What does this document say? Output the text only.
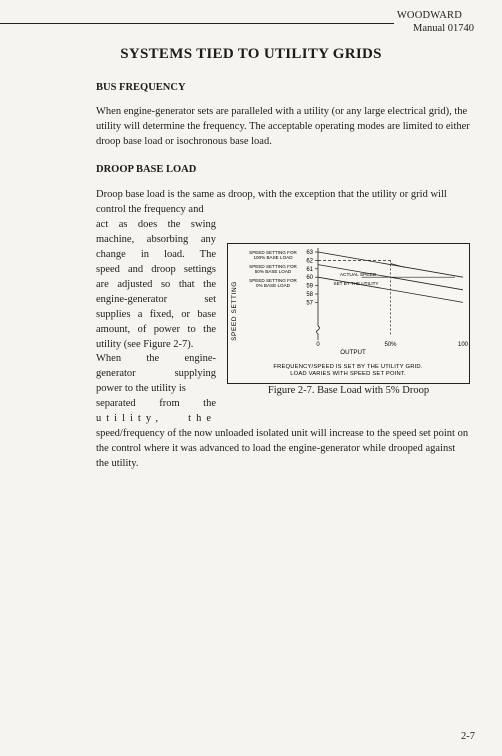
WOODWARD
Manual 01740
SYSTEMS TIED TO UTILITY GRIDS
BUS FREQUENCY

When engine-generator sets are paralleled with a utility (or any large electrical grid), the utility will determine the frequency. The acceptable operating modes are limited to either droop base load or isochronous base load.

DROOP BASE LOAD

Droop base load is the same as droop, with the exception that the utility or grid will control the frequency and

act as does the swing
machine, absorbing any
change in load. The
speed and droop settings
are adjusted so that the
engine-generator set
supplies a fixed, or base
amount, of power to the
utility (see Figure 2-7).
When the engine-
generator supplying
power to the utility is
separated from the
utility, the

speed/frequency of the now unloaded isolated unit will increase to the speed set point on the control where it was advanced to load the engine-generator while drooped against the utility.

SPEED SETTING FOR
100% BASE LOAD
SPEED SETTING FOR
50% BASE LOAD
SPEED SETTING FOR
0% BASE LOAD
SPEED SETTING
63
62
61
60
59
58
57
0	50%	100
ACTUAL SPEED
SET BY THE UTILITY
OUTPUT
FREQUENCY/SPEED IS SET BY THE UTILITY GRID.
LOAD VARIES WITH SPEED SET POINT.
Figure 2-7. Base Load with 5% Droop
2-7
